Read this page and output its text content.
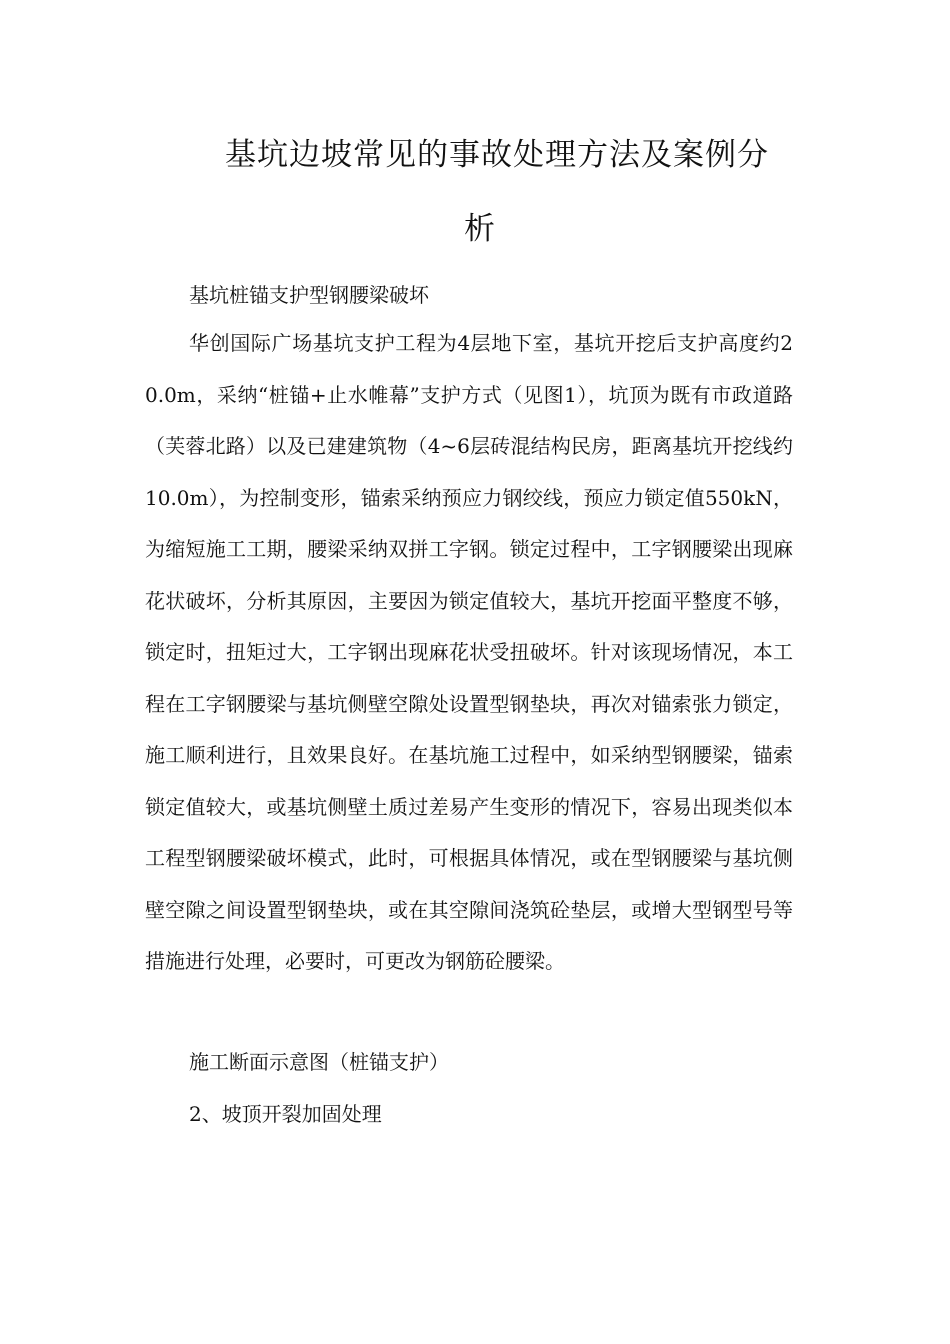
基坑边坡常见的事故处理方法及案例分
析

基坑桩锚支护型钢腰梁破坏

华创国际广场基坑支护工程为4层地下室，基坑开挖后支护高度约20.0m，采纳“桩锚+止水帷幕”支护方式（见图1），坑顶为既有市政道路（芙蓉北路）以及已建建筑物（4~6层砖混结构民房，距离基坑开挖线约10.0m），为控制变形，锚索采纳预应力钢绞线，预应力锁定值550kN，为缩短施工工期，腰梁采纳双拼工字钢。锁定过程中，工字钢腰梁出现麻花状破坏，分析其原因，主要因为锁定值较大，基坑开挖面平整度不够，锁定时，扭矩过大，工字钢出现麻花状受扭破坏。针对该现场情况，本工程在工字钢腰梁与基坑侧壁空隙处设置型钢垫块，再次对锚索张力锁定，施工顺利进行，且效果良好。在基坑施工过程中，如采纳型钢腰梁，锚索锁定值较大，或基坑侧壁土质过差易产生变形的情况下，容易出现类似本工程型钢腰梁破坏模式，此时，可根据具体情况，或在型钢腰梁与基坑侧壁空隙之间设置型钢垫块，或在其空隙间浇筑砼垫层，或增大型钢型号等措施进行处理，必要时，可更改为钢筋砼腰梁。

施工断面示意图（桩锚支护）

2、坡顶开裂加固处理
